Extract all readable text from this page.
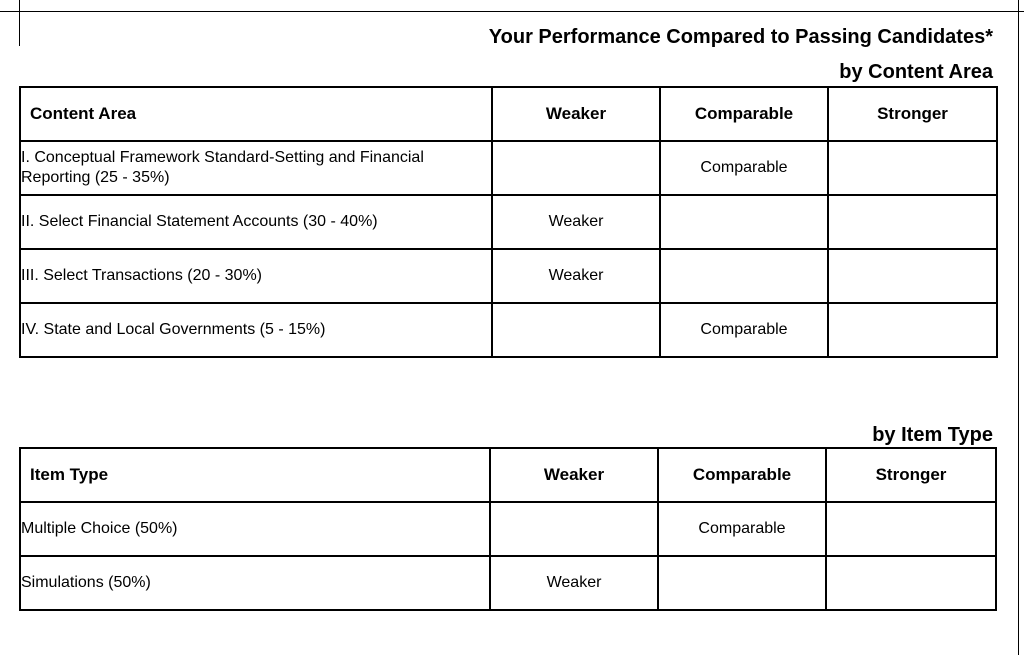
Your Performance Compared to Passing Candidates*
by Content Area
Content Area	Weaker	Comparable	Stronger
I. Conceptual Framework Standard-Setting and Financial Reporting (25 - 35%)		Comparable	
II. Select Financial Statement Accounts (30 - 40%)	Weaker		
III. Select Transactions (20 - 30%)	Weaker		
IV. State and Local Governments (5 - 15%)		Comparable	
by Item Type
Item Type	Weaker	Comparable	Stronger
Multiple Choice (50%)		Comparable	
Simulations (50%)	Weaker		
